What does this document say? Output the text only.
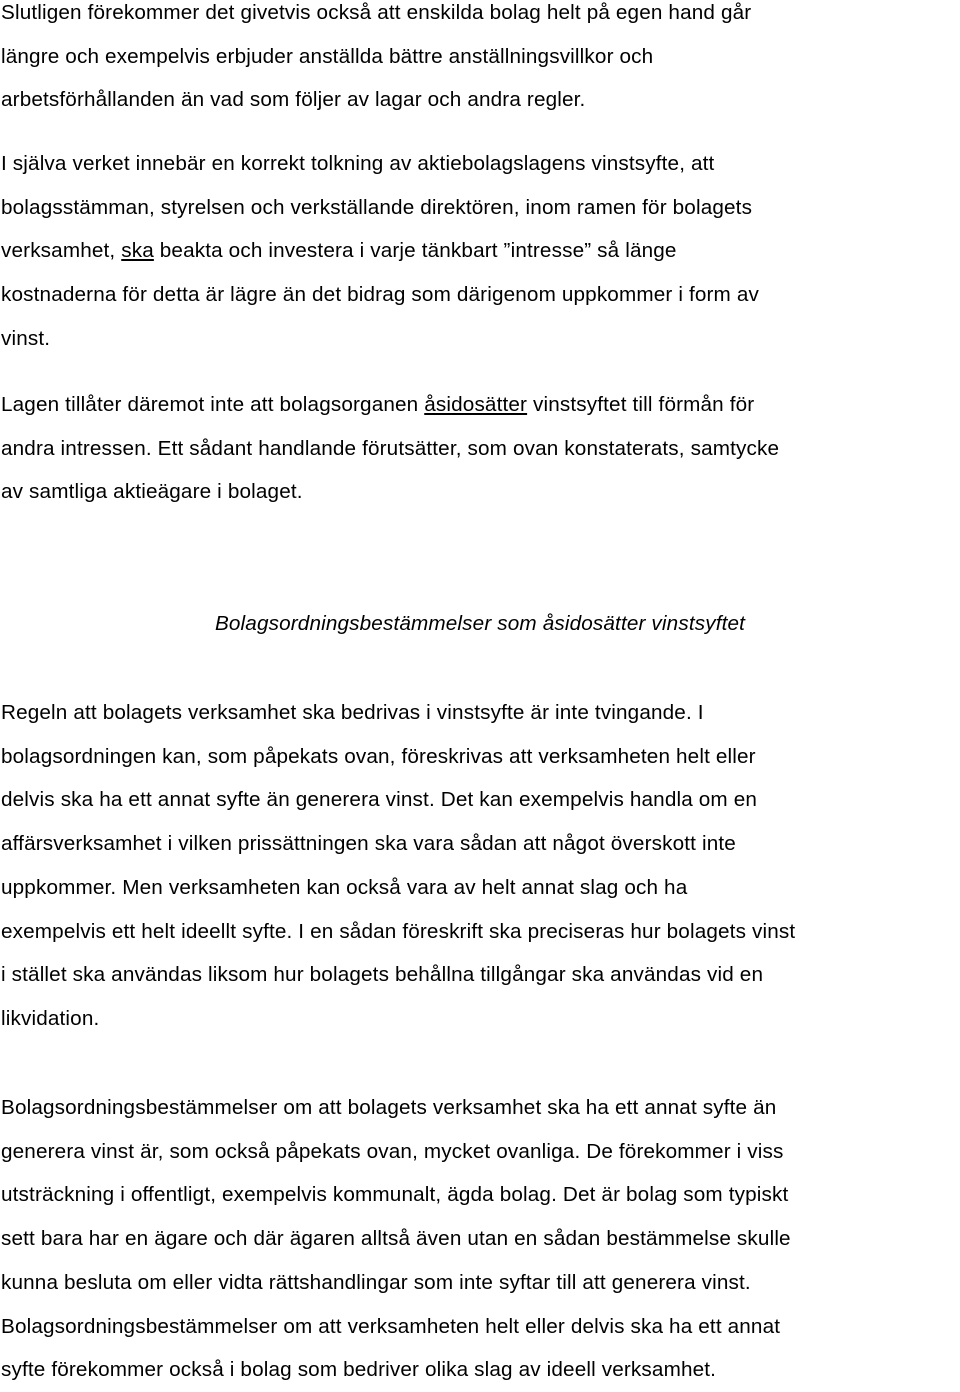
Slutligen förekommer det givetvis också att enskilda bolag helt på egen hand går
längre och exempelvis erbjuder anställda bättre anställningsvillkor och
arbetsförhållanden än vad som följer av lagar och andra regler.
I själva verket innebär en korrekt tolkning av aktiebolagslagens vinstsyfte, att
bolagsstämman, styrelsen och verkställande direktören, inom ramen för bolagets
verksamhet, ska beakta och investera i varje tänkbart ”intresse” så länge
kostnaderna för detta är lägre än det bidrag som därigenom uppkommer i form av
vinst.
Lagen tillåter däremot inte att bolagsorganen åsidosätter vinstsyftet till förmån för
andra intressen. Ett sådant handlande förutsätter, som ovan konstaterats, samtycke
av samtliga aktieägare i bolaget.
Bolagsordningsbestämmelser som åsidosätter vinstsyftet
Regeln att bolagets verksamhet ska bedrivas i vinstsyfte är inte tvingande. I
bolagsordningen kan, som påpekats ovan, föreskrivas att verksamheten helt eller
delvis ska ha ett annat syfte än generera vinst. Det kan exempelvis handla om en
affärsverksamhet i vilken prissättningen ska vara sådan att något överskott inte
uppkommer. Men verksamheten kan också vara av helt annat slag och ha
exempelvis ett helt ideellt syfte. I en sådan föreskrift ska preciseras hur bolagets vinst
i stället ska användas liksom hur bolagets behållna tillgångar ska användas vid en
likvidation.
Bolagsordningsbestämmelser om att bolagets verksamhet ska ha ett annat syfte än
generera vinst är, som också påpekats ovan, mycket ovanliga. De förekommer i viss
utsträckning i offentligt, exempelvis kommunalt, ägda bolag. Det är bolag som typiskt
sett bara har en ägare och där ägaren alltså även utan en sådan bestämmelse skulle
kunna besluta om eller vidta rättshandlingar som inte syftar till att generera vinst.
Bolagsordningsbestämmelser om att verksamheten helt eller delvis ska ha ett annat
syfte förekommer också i bolag som bedriver olika slag av ideell verksamhet.
